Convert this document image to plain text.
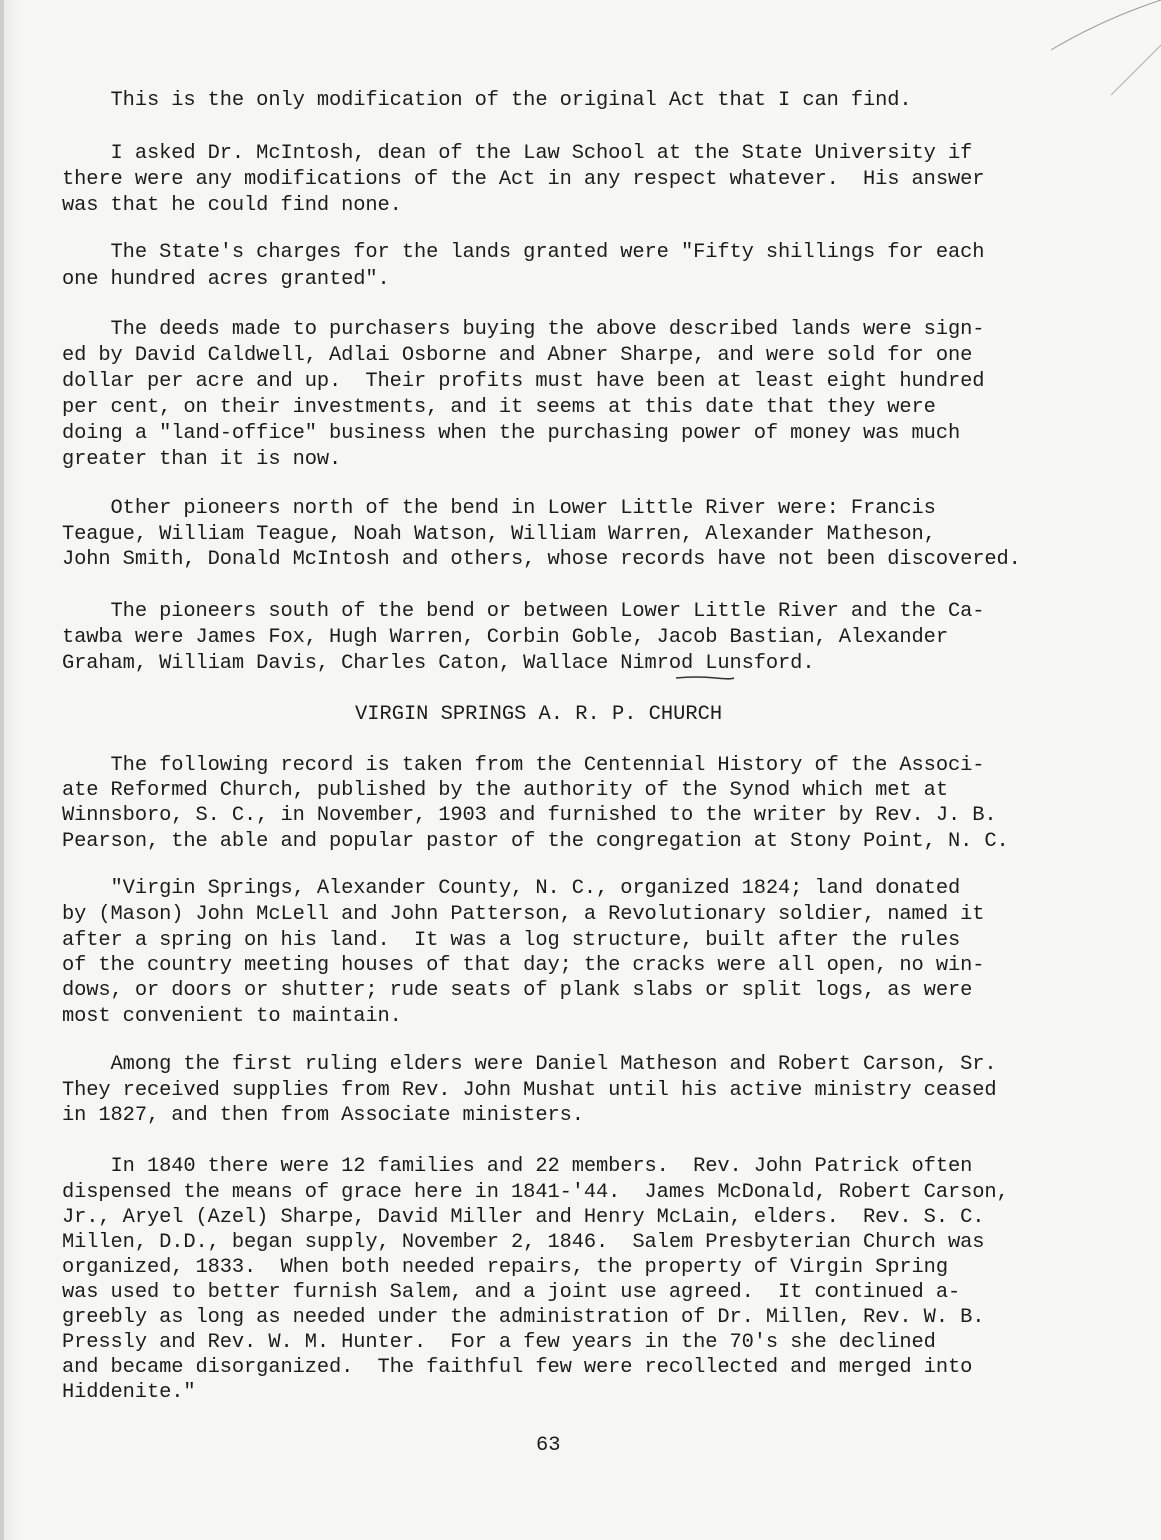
This is the only modification of the original Act that I can find.

I asked Dr. McIntosh, dean of the Law School at the State University if

there were any modifications of the Act in any respect whatever.  His answer

was that he could find none.

The State's charges for the lands granted were "Fifty shillings for each

one hundred acres granted".

The deeds made to purchasers buying the above described lands were sign-

ed by David Caldwell, Adlai Osborne and Abner Sharpe, and were sold for one

dollar per acre and up.  Their profits must have been at least eight hundred

per cent, on their investments, and it seems at this date that they were

doing a "land-office" business when the purchasing power of money was much

greater than it is now.

Other pioneers north of the bend in Lower Little River were: Francis

Teague, William Teague, Noah Watson, William Warren, Alexander Matheson,

John Smith, Donald McIntosh and others, whose records have not been discovered.

The pioneers south of the bend or between Lower Little River and the Ca-

tawba were James Fox, Hugh Warren, Corbin Goble, Jacob Bastian, Alexander

Graham, William Davis, Charles Caton, Wallace Nimrod Lunsford.

VIRGIN SPRINGS A. R. P. CHURCH

The following record is taken from the Centennial History of the Associ-

ate Reformed Church, published by the authority of the Synod which met at

Winnsboro, S. C., in November, 1903 and furnished to the writer by Rev. J. B.

Pearson, the able and popular pastor of the congregation at Stony Point, N. C.

"Virgin Springs, Alexander County, N. C., organized 1824; land donated

by (Mason) John McLell and John Patterson, a Revolutionary soldier, named it

after a spring on his land.  It was a log structure, built after the rules

of the country meeting houses of that day; the cracks were all open, no win-

dows, or doors or shutter; rude seats of plank slabs or split logs, as were

most convenient to maintain.

Among the first ruling elders were Daniel Matheson and Robert Carson, Sr.

They received supplies from Rev. John Mushat until his active ministry ceased

in 1827, and then from Associate ministers.

In 1840 there were 12 families and 22 members.  Rev. John Patrick often

dispensed the means of grace here in 1841-'44.  James McDonald, Robert Carson,

Jr., Aryel (Azel) Sharpe, David Miller and Henry McLain, elders.  Rev. S. C.

Millen, D.D., began supply, November 2, 1846.  Salem Presbyterian Church was

organized, 1833.  When both needed repairs, the property of Virgin Spring

was used to better furnish Salem, and a joint use agreed.  It continued a-

greebly as long as needed under the administration of Dr. Millen, Rev. W. B.

Pressly and Rev. W. M. Hunter.  For a few years in the 70's she declined

and became disorganized.  The faithful few were recollected and merged into

Hiddenite."

63
